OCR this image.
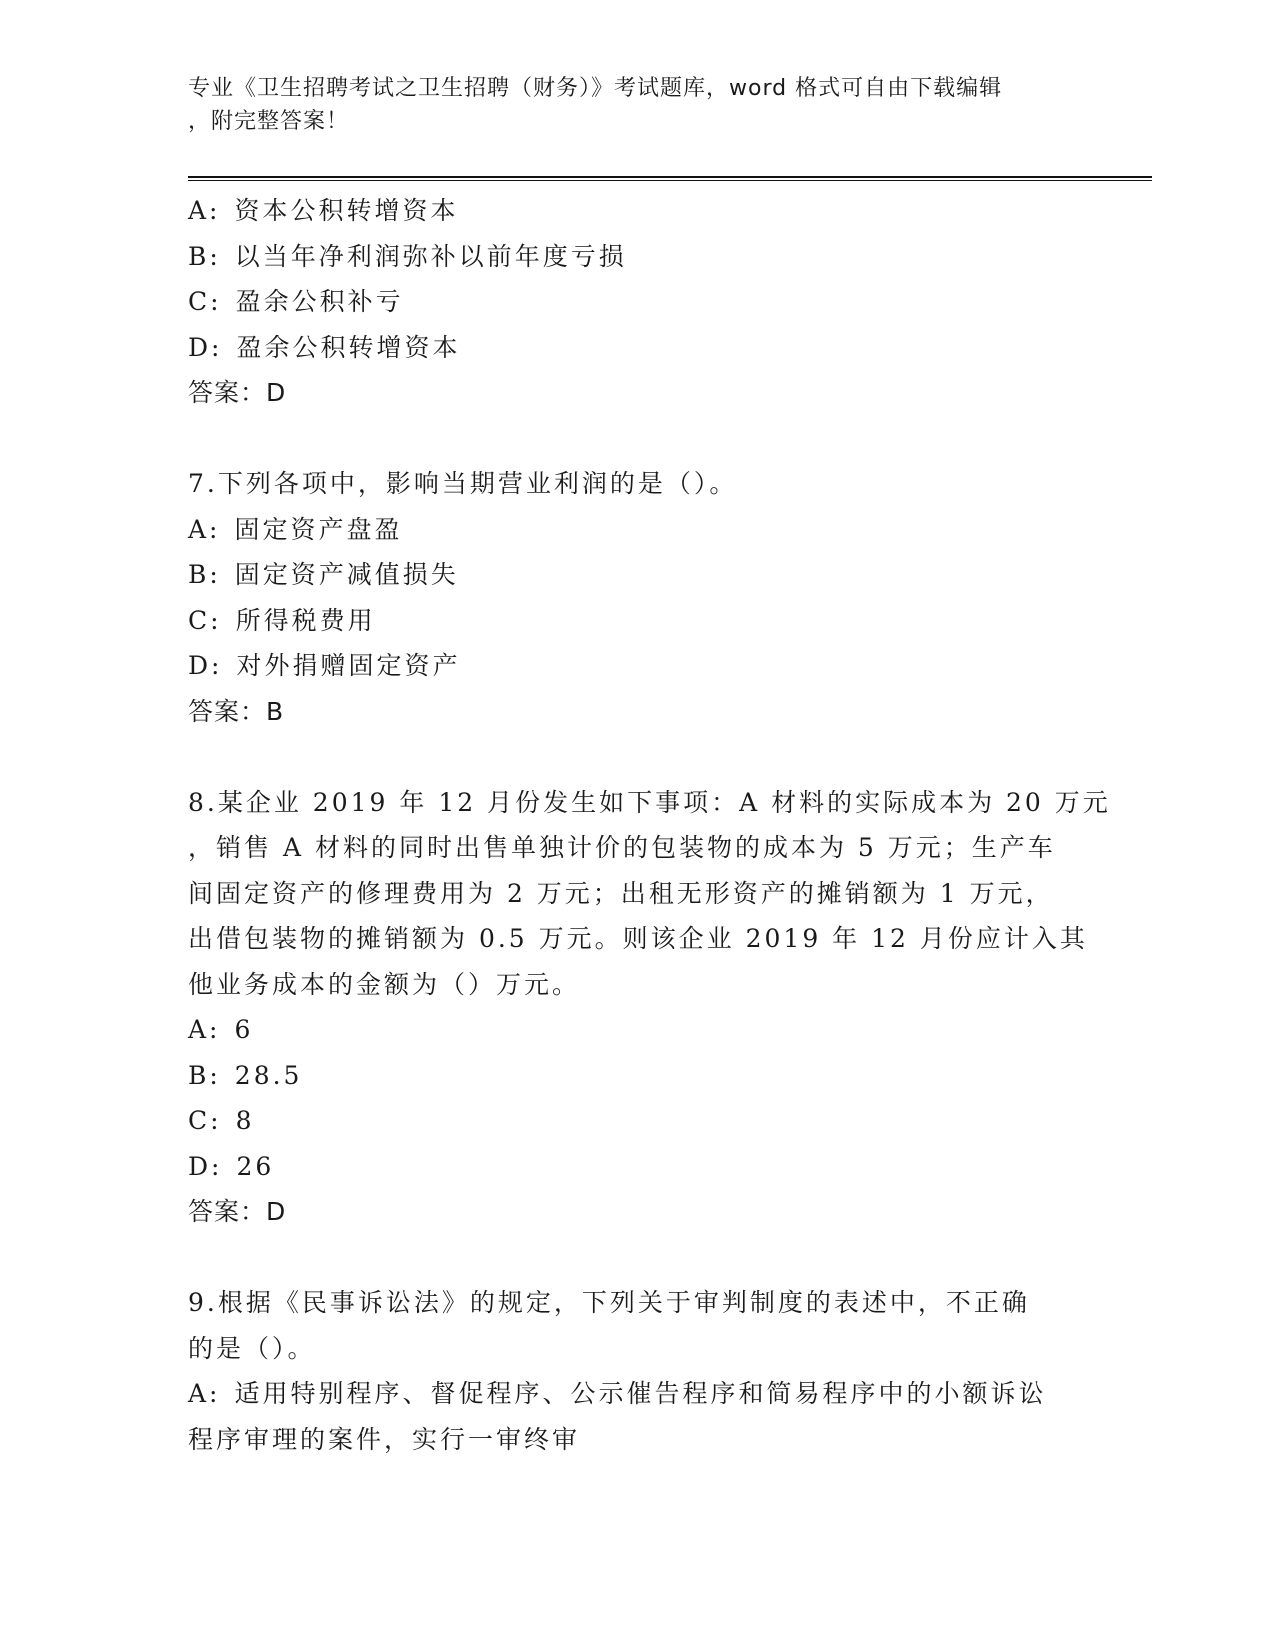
专业《卫生招聘考试之卫生招聘（财务）》考试题库，word 格式可自由下载编辑
，附完整答案！
A: 资本公积转增资本
B: 以当年净利润弥补以前年度亏损
C: 盈余公积补亏
D: 盈余公积转增资本
答案：D
7.下列各项中，影响当期营业利润的是（）。
A: 固定资产盘盈
B: 固定资产减值损失
C: 所得税费用
D: 对外捐赠固定资产
答案：B
8.某企业 2019 年 12 月份发生如下事项：A 材料的实际成本为 20 万元
，销售 A 材料的同时出售单独计价的包装物的成本为 5 万元；生产车
间固定资产的修理费用为 2 万元；出租无形资产的摊销额为 1 万元，
出借包装物的摊销额为 0.5 万元。则该企业 2019 年 12 月份应计入其
他业务成本的金额为（）万元。
A: 6
B: 28.5
C: 8
D: 26
答案：D
9.根据《民事诉讼法》的规定，下列关于审判制度的表述中，不正确
的是（）。
A: 适用特别程序、督促程序、公示催告程序和简易程序中的小额诉讼
程序审理的案件，实行一审终审
